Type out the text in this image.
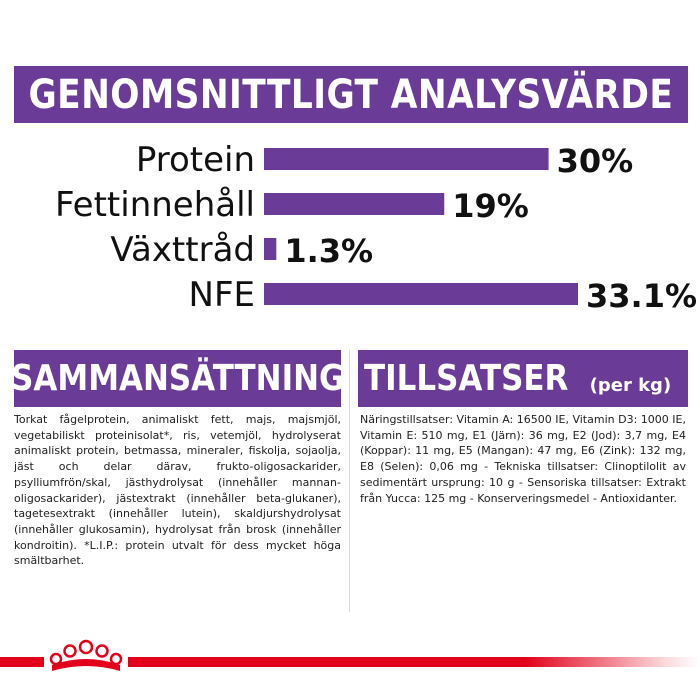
GENOMSNITTLIGT ANALYSVÄRDE
Protein	30%
Fettinnehåll	19%
Växttråd 1.3%
NFE	33.1%
SAMMANSÄTTNING
Torkat fågelprotein, animaliskt fett, majs, majsmjöl, vegetabiliskt proteinisolat*, ris, vetemjöl, hydrolyserat animaliskt protein, betmassa, mineraler, fiskolja, sojaolja, jäst och delar därav, frukto-oligosackarider, psylliumfrön/skal, jästhydrolysat (innehåller mannan-oligosackarider), jästextrakt (innehåller beta-glukaner), tagetesextrakt (innehåller lutein), skaldjurshydrolysat (innehåller glukosamin), hydrolysat från brosk (innehåller kondroitin). *L.I.P.: protein utvalt för dess mycket höga smältbarhet.
TILLSATSER (per kg)
Näringstillsatser: Vitamin A: 16500 IE, Vitamin D3: 1000 IE, Vitamin E: 510 mg, E1 (Järn): 36 mg, E2 (Jod): 3,7 mg, E4 (Koppar): 11 mg, E5 (Mangan): 47 mg, E6 (Zink): 132 mg, E8 (Selen): 0,06 mg - Tekniska tillsatser: Clinoptilolit av sedimentärt ursprung: 10 g - Sensoriska tillsatser: Extrakt från Yucca: 125 mg - Konserveringsmedel - Antioxidanter.
